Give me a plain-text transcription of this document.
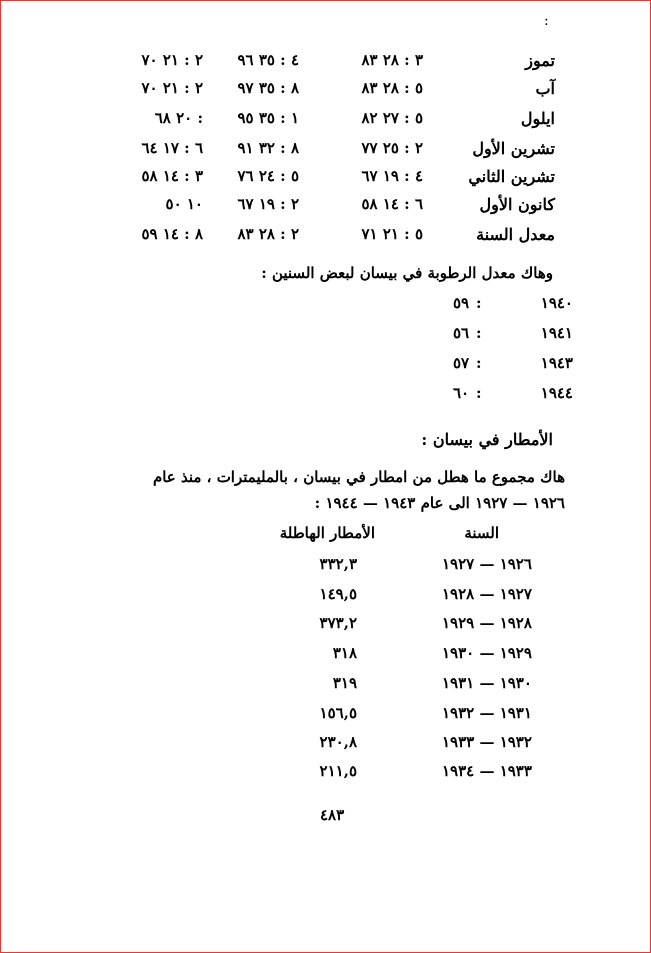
:
تموز
٣ : ٢٨ ٨٣
٤ : ٣٥ ٩٦
٢ : ٢١ ٧٠
آب
٥ : ٢٨ ٨٣
٨ : ٣٥ ٩٧
٢ : ٢١ ٧٠
ايلول
٥ : ٢٧ ٨٢
١ : ٣٥ ٩٥
: ٢٠ ٦٨
تشرين الأول
٢ : ٢٥ ٧٧
٨ : ٣٢ ٩١
٦ : ١٧ ٦٤
تشرين الثاني
٤ : ١٩ ٦٧
٥ : ٢٤ ٧٦
٣ : ١٤ ٥٨
كانون الأول
٦ : ١٤ ٥٨
٢ : ١٩ ٦٧
١٠ ٥٠
معدل السنة
٥ : ٢١ ٧١
٢ : ٢٨ ٨٣
٨ : ١٤ ٥٩
وهاك معدل الرطوبة في بيسان لبعض السنين :
١٩٤٠
:
٥٩
١٩٤١
:
٥٦
١٩٤٣
:
٥٧
١٩٤٤
:
٦٠
الأمطار في بيسان :
هاك مجموع ما هطل من امطار في بيسان ، بالمليمترات ، منذ عام
١٩٢٦ — ١٩٢٧ الى عام ١٩٤٣ — ١٩٤٤ :
السنة
الأمطار الهاطلة
١٩٢٦ — ١٩٢٧
٣٣٢,٣
١٩٢٧ — ١٩٢٨
١٤٩,٥
١٩٢٨ — ١٩٢٩
٣٧٣,٢
١٩٢٩ — ١٩٣٠
٣١٨
١٩٣٠ — ١٩٣١
٣١٩
١٩٣١ — ١٩٣٢
١٥٦,٥
١٩٣٢ — ١٩٣٣
٢٣٠,٨
١٩٣٣ — ١٩٣٤
٢١١,٥
٤٨٣
